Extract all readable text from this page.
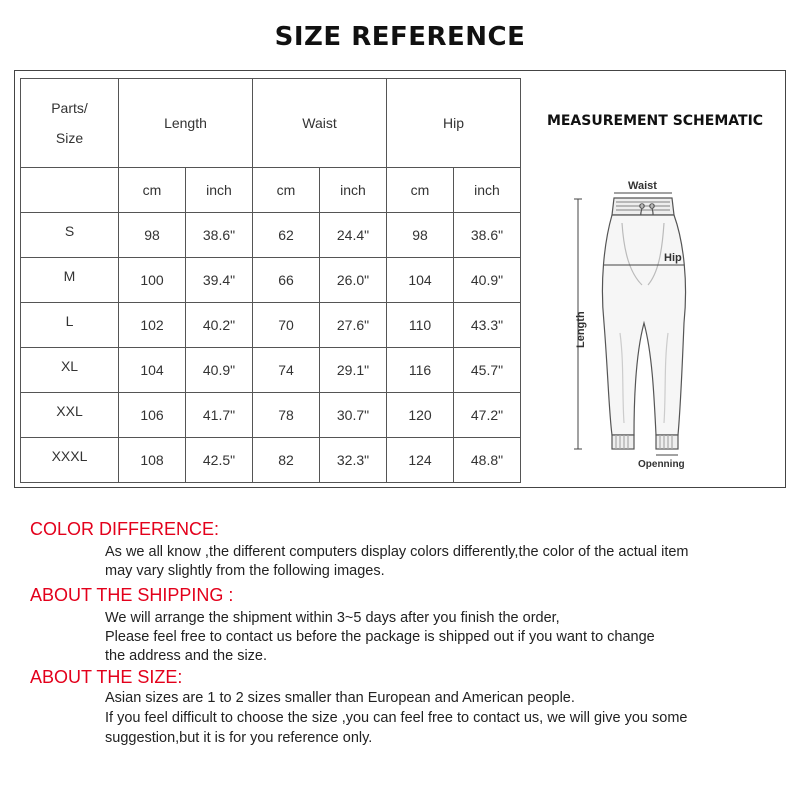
SIZE REFERENCE
Parts/
Size	Length		Waist		Hip	
	cm	inch	cm	inch	cm	inch
S	98	38.6"	62	24.4"	98	38.6"
M	100	39.4"	66	26.0"	104	40.9"
L	102	40.2"	70	27.6"	110	43.3"
XL	104	40.9"	74	29.1"	116	45.7"
XXL	106	41.7"	78	30.7"	120	47.2"
XXXL	108	42.5"	82	32.3"	124	48.8"
MEASUREMENT SCHEMATIC
Waist
Hip
Length
Openning
COLOR DIFFERENCE:
As we all know ,the different computers display colors differently,the color of the actual item
may vary slightly from the following images.
ABOUT THE SHIPPING :
We will arrange the shipment within 3~5 days after you finish the order,
Please feel free to contact us before the package is shipped out if you want to change
the address and the size.
ABOUT THE SIZE:
Asian sizes are 1 to 2 sizes smaller than European and American people.
If you feel difficult to choose the size ,you can feel free to contact us, we will give you some
suggestion,but it is for you reference only.
